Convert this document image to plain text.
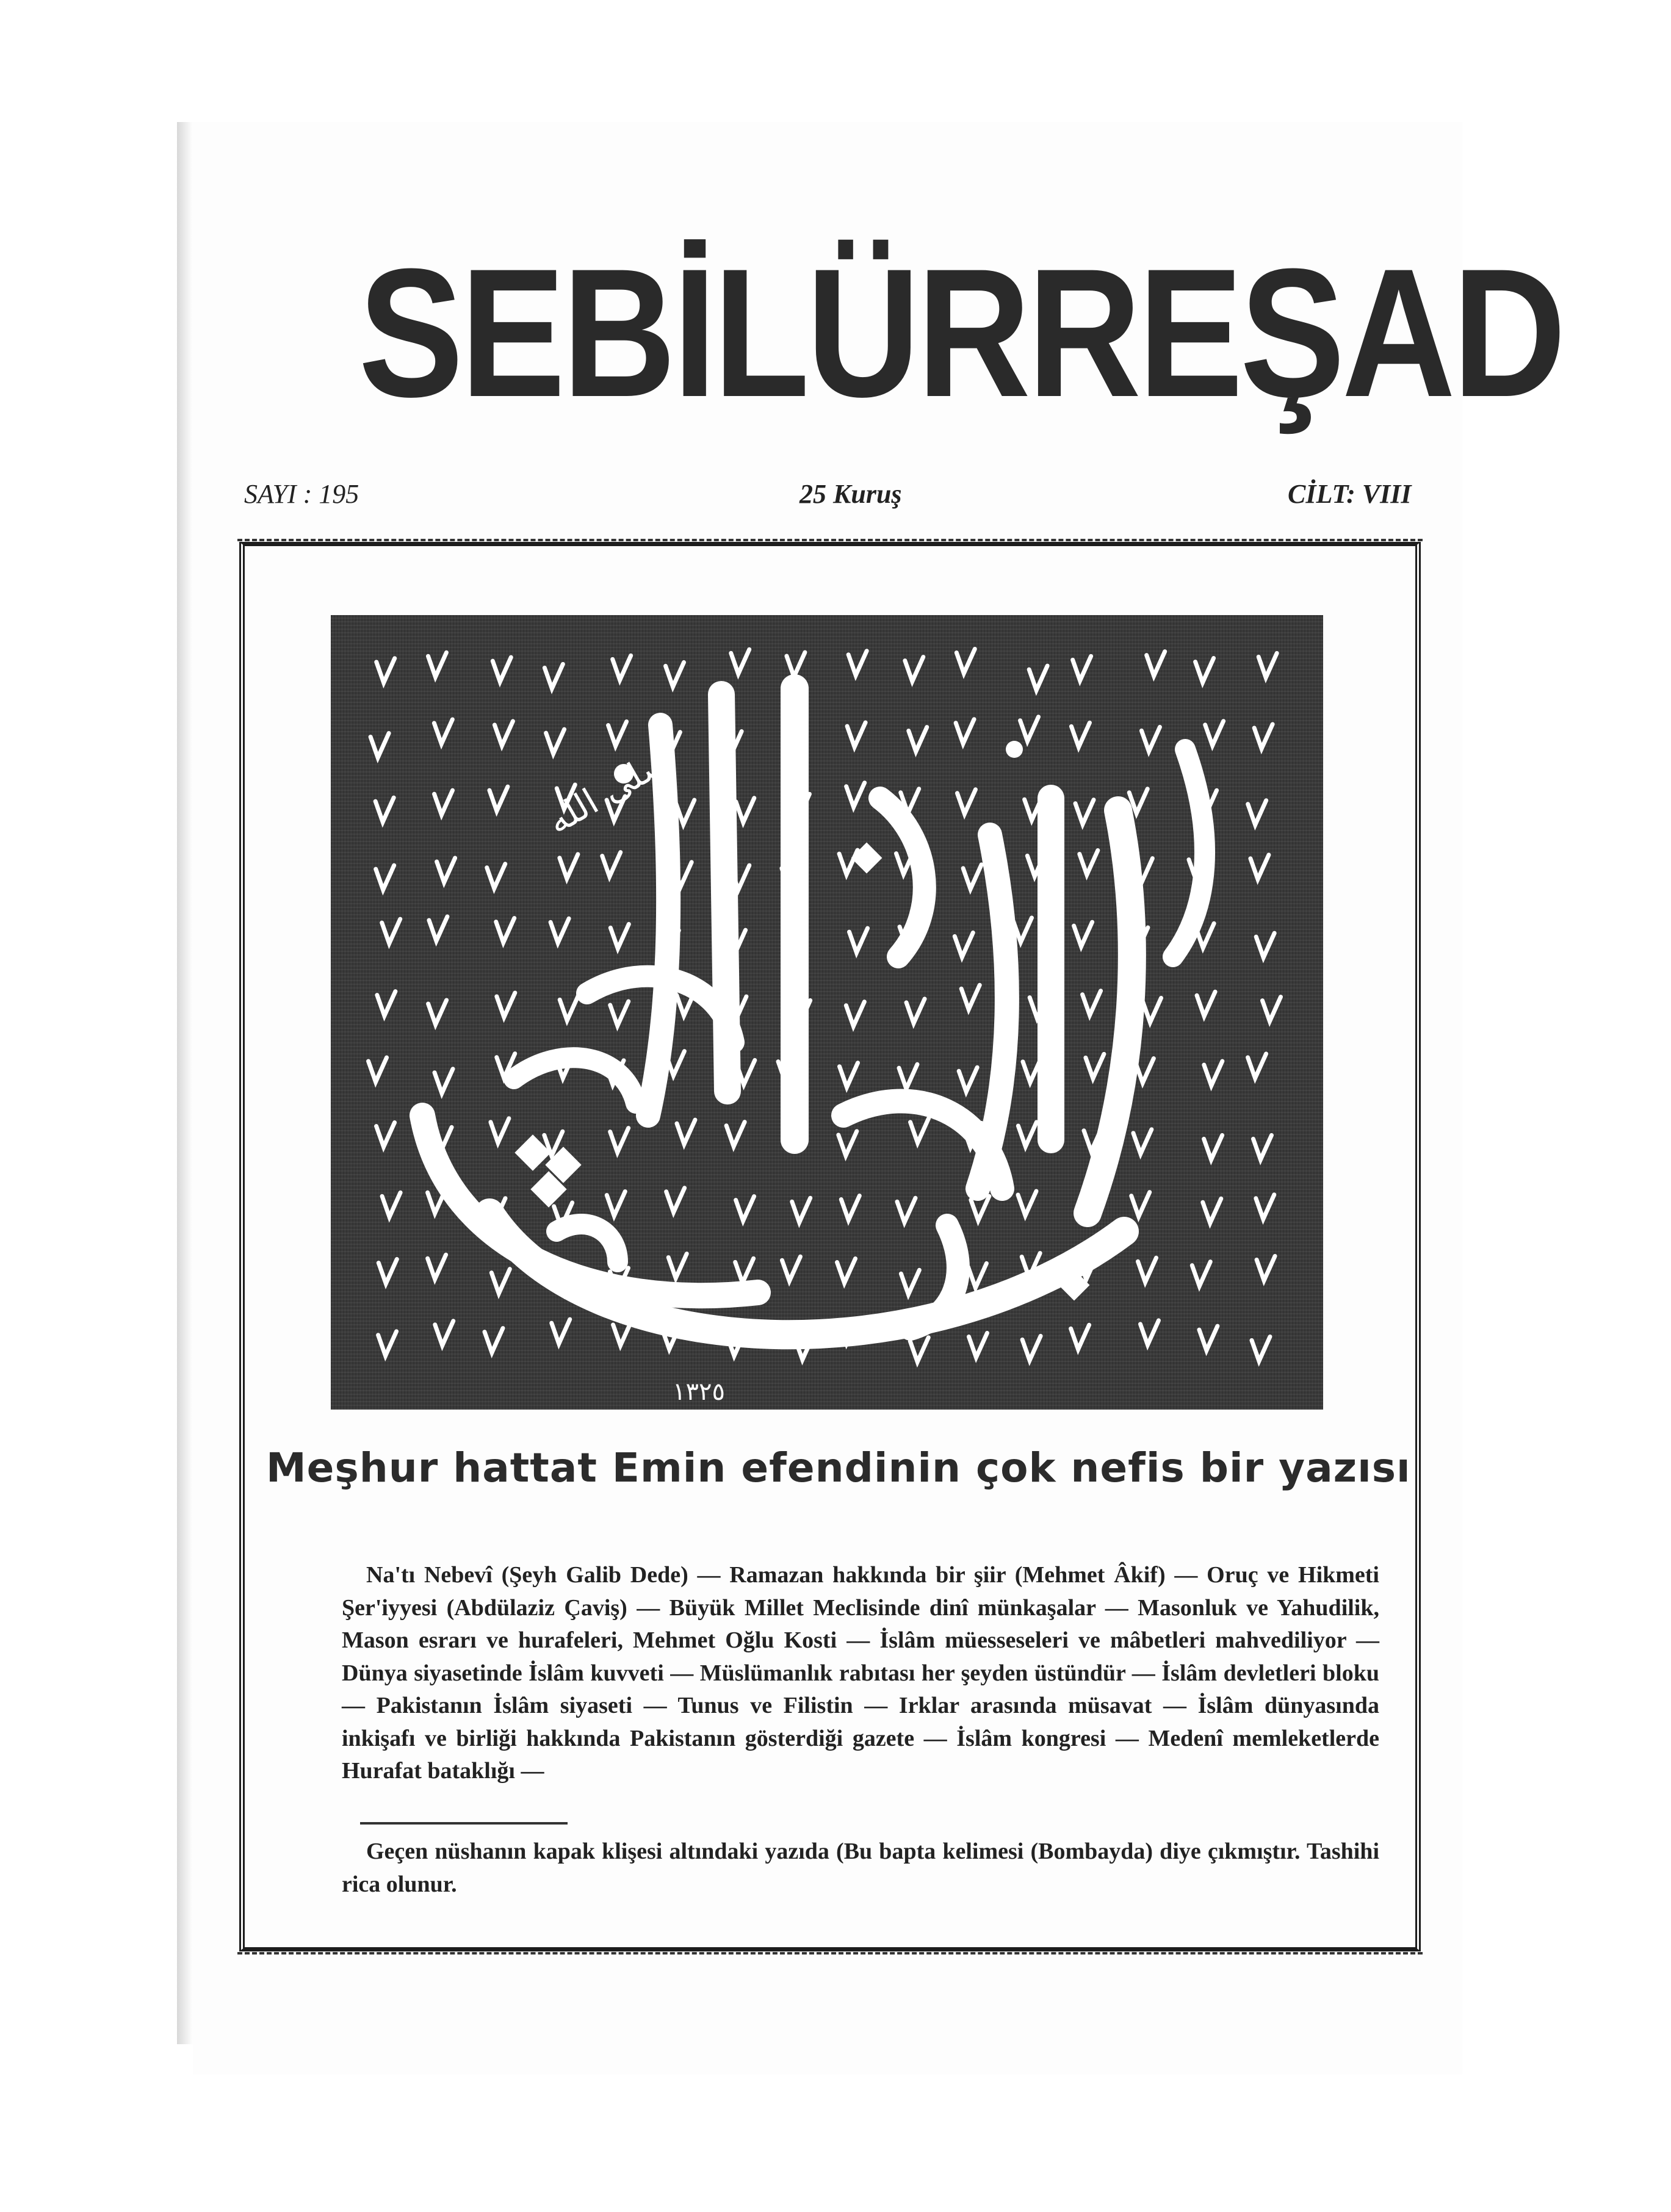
SEBİLÜRREŞAD
SAYI : 195	25 Kuruş	CİLT: VIII
صلى الله
١٣٢٥
وانك لعلى خلق عظيم
Meşhur hattat Emin efendinin çok nefis bir yazısı
Na'tı Nebevî (Şeyh Galib Dede) — Ramazan hakkında bir şiir (Mehmet Âkif) — Oruç ve Hikmeti Şer'iyyesi (Abdülaziz Çaviş) — Büyük Millet Meclisinde dinî münkaşalar — Masonluk ve Yahudilik, Mason esrarı ve hurafeleri, Mehmet Oğlu Kosti — İslâm müesseseleri ve mâbetleri mahvediliyor — Dünya siyasetinde İslâm kuvveti — Müslümanlık rabıtası her şeyden üstündür — İslâm devletleri bloku — Pakistanın İslâm siyaseti — Tunus ve Filistin — Irklar arasında müsavat — İslâm dünyasında inkişafı ve birliği hakkında Pakistanın gösterdiği gazete — İslâm kongresi — Medenî memleketlerde Hurafat bataklığı —
Geçen nüshanın kapak klişesi altındaki yazıda (Bu bapta kelimesi (Bombayda) diye çıkmıştır. Tashihi rica olunur.
